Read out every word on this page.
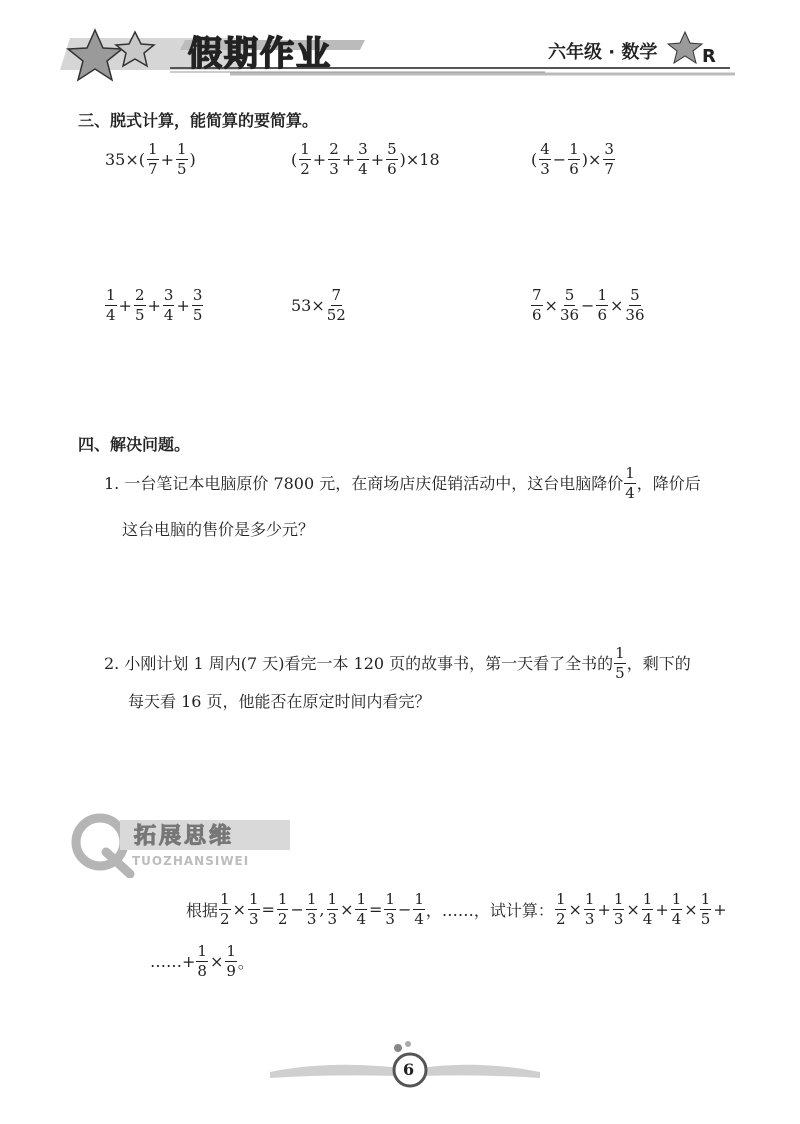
假期作业	六年级 · 数学 R
三、脱式计算，能简算的要简算。
$35\times( \frac{1}{7} + \frac{1}{5}$ )	( $\frac{1}{2} + \frac{2}{3} + \frac{3}{4} + \frac{5}{6} )\times 18$	( $\frac{4}{3} - \frac{1}{6}$ )× $\frac{3}{7}$
$\frac{1}{4} + \frac{2}{5} + \frac{3}{4} + \frac{3}{5}$	$53\times \frac{7}{52}$	$\frac{7}{6} \times \frac{5}{36} - \frac{1}{6} \times \frac{5}{36}$
四、解决问题。
1. 一台笔记本电脑原价 7800 元，在商场店庆促销活动中，这台电脑降价 $\frac{1}{4}$ ，降价后
这台电脑的售价是多少元？
2. 小刚计划 1 周内(7 天)看完一本 120 页的故事书，第一天看了全书的 $\frac{1}{5}$ ，剩下的
每天看 16 页，他能否在原定时间内看完？
拓展思维
TUOZHANSIWEI
根据 $\frac{1}{2} \times \frac{1}{3} = \frac{1}{2} - \frac{1}{3}$ , $\frac{1}{3} \times \frac{1}{4} = \frac{1}{3} - \frac{1}{4}$ ，……，试计算： $\frac{1}{2} \times \frac{1}{3} + \frac{1}{3} \times \frac{1}{4} + \frac{1}{4} \times \frac{1}{5}$ +
……+ $\frac{1}{8} \times \frac{1}{9}$ 。
6
